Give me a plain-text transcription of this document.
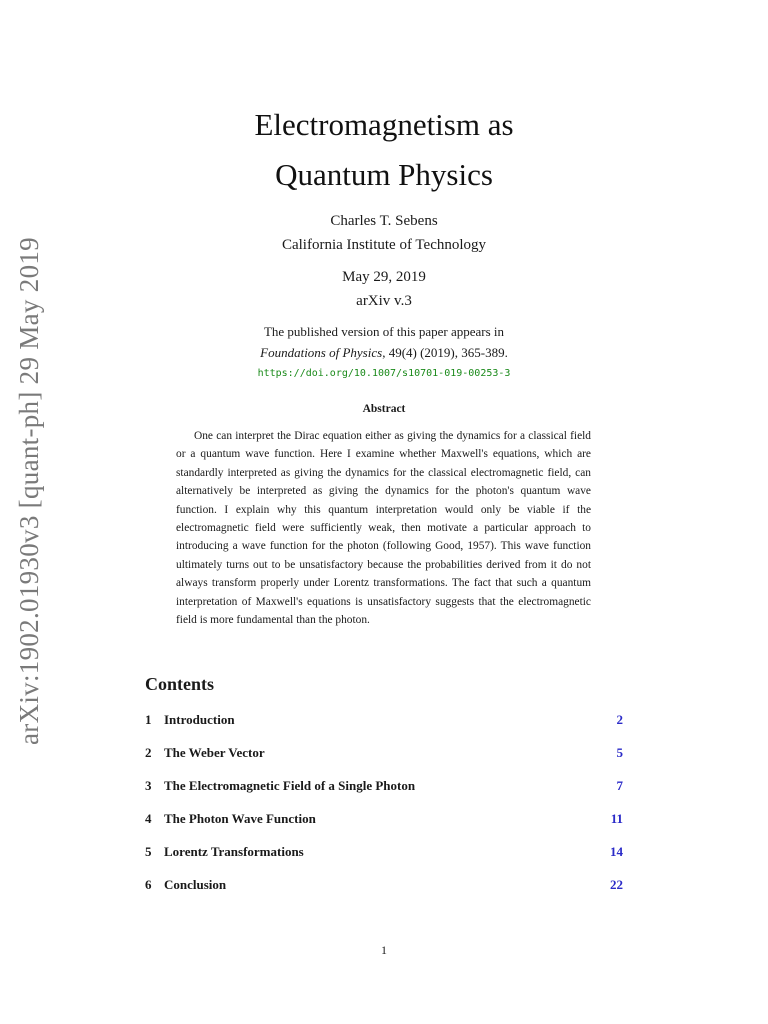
arXiv:1902.01930v3 [quant-ph] 29 May 2019
Electromagnetism as
Quantum Physics
Charles T. Sebens
California Institute of Technology
May 29, 2019
arXiv v.3
The published version of this paper appears in
Foundations of Physics, 49(4) (2019), 365-389.
https://doi.org/10.1007/s10701-019-00253-3
Abstract
One can interpret the Dirac equation either as giving the dynamics for a classical field or a quantum wave function. Here I examine whether Maxwell's equations, which are standardly interpreted as giving the dynamics for the classical electromagnetic field, can alternatively be interpreted as giving the dynamics for the photon's quantum wave function. I explain why this quantum interpretation would only be viable if the electromagnetic field were sufficiently weak, then motivate a particular approach to introducing a wave function for the photon (following Good, 1957). This wave function ultimately turns out to be unsatisfactory because the probabilities derived from it do not always transform properly under Lorentz transformations. The fact that such a quantum interpretation of Maxwell's equations is unsatisfactory suggests that the electromagnetic field is more fundamental than the photon.
Contents
1 Introduction	2
2 The Weber Vector	5
3 The Electromagnetic Field of a Single Photon	7
4 The Photon Wave Function	11
5 Lorentz Transformations	14
6 Conclusion	22
1
